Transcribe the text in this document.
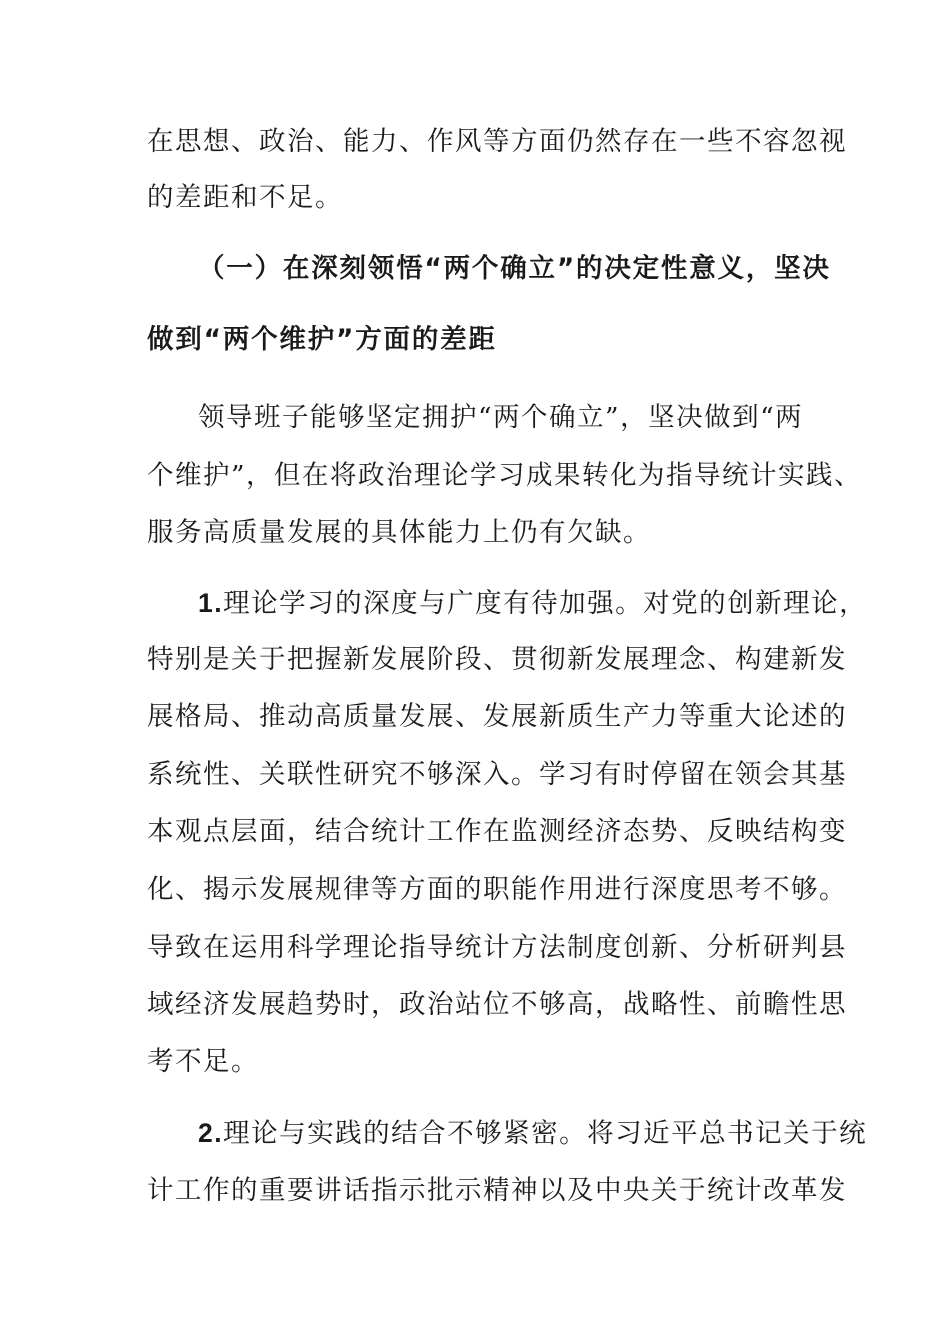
在思想、政治、能力、作风等方面仍然存在一些不容忽视
的差距和不足。
（一）在深刻领悟“两个确立”的决定性意义，坚决
做到“两个维护”方面的差距
领导班子能够坚定拥护“两个确立”，坚决做到“两
个维护”，但在将政治理论学习成果转化为指导统计实践、
服务高质量发展的具体能力上仍有欠缺。
1.理论学习的深度与广度有待加强。对党的创新理论，
特别是关于把握新发展阶段、贯彻新发展理念、构建新发
展格局、推动高质量发展、发展新质生产力等重大论述的
系统性、关联性研究不够深入。学习有时停留在领会其基
本观点层面，结合统计工作在监测经济态势、反映结构变
化、揭示发展规律等方面的职能作用进行深度思考不够。
导致在运用科学理论指导统计方法制度创新、分析研判县
域经济发展趋势时，政治站位不够高，战略性、前瞻性思
考不足。
2.理论与实践的结合不够紧密。将习近平总书记关于统
计工作的重要讲话指示批示精神以及中央关于统计改革发
